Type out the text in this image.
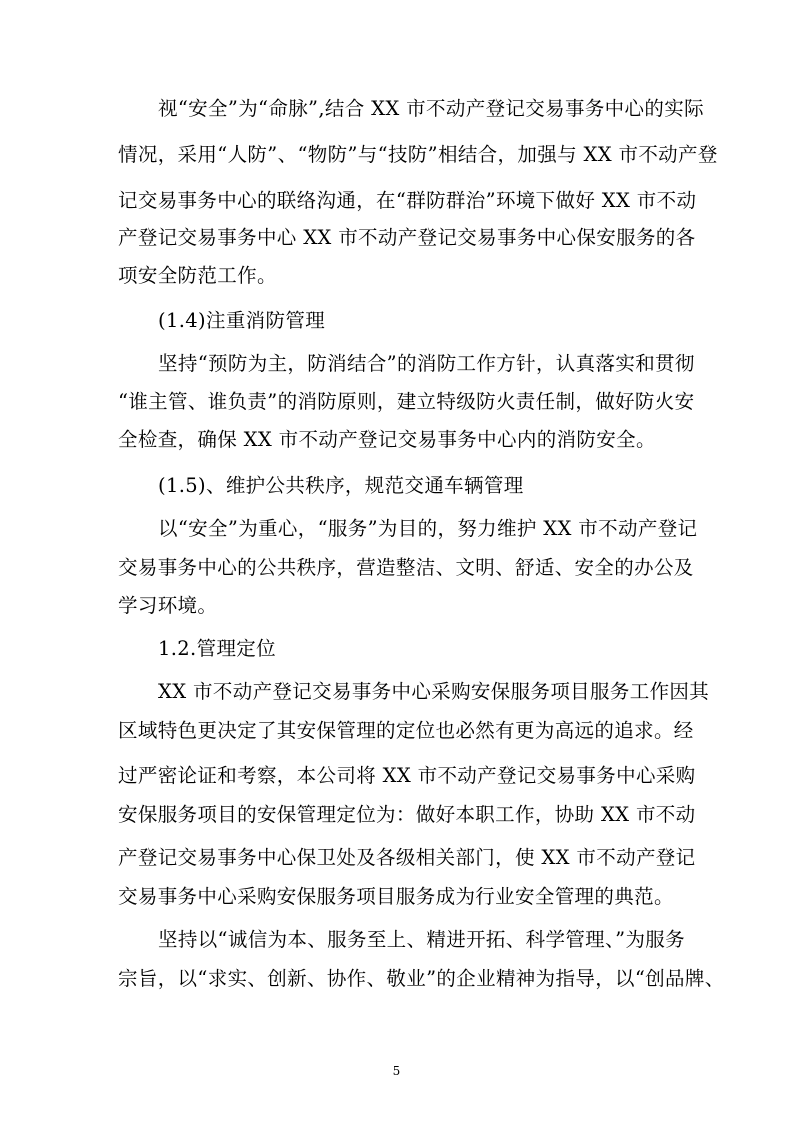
视“安全”为“命脉”,结合 XX 市不动产登记交易事务中心的实际
情况，采用“人防”、“物防”与“技防”相结合，加强与 XX 市不动产登
记交易事务中心的联络沟通，在“群防群治”环境下做好 XX 市不动
产登记交易事务中心 XX 市不动产登记交易事务中心保安服务的各
项安全防范工作。
(1.4)注重消防管理
坚持“预防为主，防消结合”的消防工作方针，认真落实和贯彻
“谁主管、谁负责”的消防原则，建立特级防火责任制，做好防火安
全检查，确保 XX 市不动产登记交易事务中心内的消防安全。
(1.5)、维护公共秩序，规范交通车辆管理
以“安全”为重心，“服务”为目的，努力维护 XX 市不动产登记
交易事务中心的公共秩序，营造整洁、文明、舒适、安全的办公及
学习环境。
1.2.管理定位
XX 市不动产登记交易事务中心采购安保服务项目服务工作因其
区域特色更决定了其安保管理的定位也必然有更为高远的追求。经
过严密论证和考察，本公司将 XX 市不动产登记交易事务中心采购
安保服务项目的安保管理定位为：做好本职工作，协助 XX 市不动
产登记交易事务中心保卫处及各级相关部门，使 XX 市不动产登记
交易事务中心采购安保服务项目服务成为行业安全管理的典范。
坚持以“诚信为本、服务至上、精进开拓、科学管理、”为服务
宗旨，以“求实、创新、协作、敬业”的企业精神为指导，以“创品牌、
5
